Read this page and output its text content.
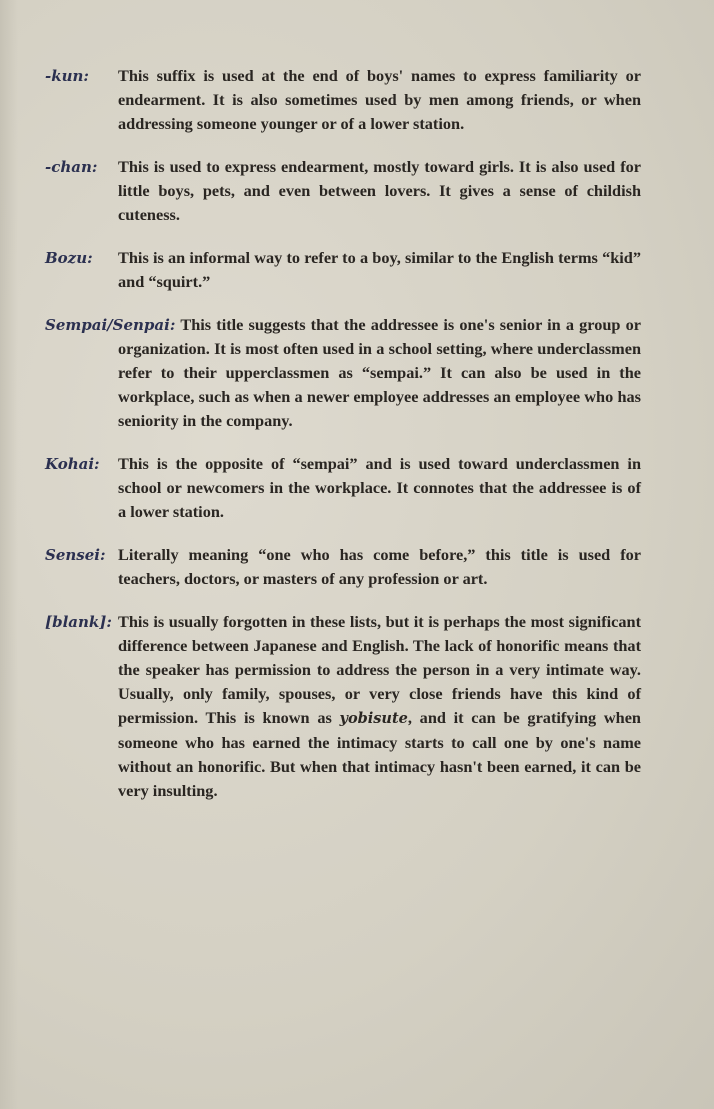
-kun: This suffix is used at the end of boys' names to express familiarity or endearment. It is also sometimes used by men among friends, or when addressing someone younger or of a lower station.

-chan: This is used to express endearment, mostly toward girls. It is also used for little boys, pets, and even between lovers. It gives a sense of childish cuteness.

Bozu: This is an informal way to refer to a boy, similar to the English terms “kid” and “squirt.”

Sempai/Senpai: This title suggests that the addressee is one's senior in a group or organization. It is most often used in a school setting, where underclassmen refer to their upperclassmen as “sempai.” It can also be used in the workplace, such as when a newer employee addresses an employee who has seniority in the company.

Kohai: This is the opposite of “sempai” and is used toward underclassmen in school or newcomers in the workplace. It connotes that the addressee is of a lower station.

Sensei: Literally meaning “one who has come before,” this title is used for teachers, doctors, or masters of any profession or art.

[blank]: This is usually forgotten in these lists, but it is perhaps the most significant difference between Japanese and English. The lack of honorific means that the speaker has permission to address the person in a very intimate way. Usually, only family, spouses, or very close friends have this kind of permission. This is known as yobisute, and it can be gratifying when someone who has earned the intimacy starts to call one by one's name without an honorific. But when that intimacy hasn't been earned, it can be very insulting.
